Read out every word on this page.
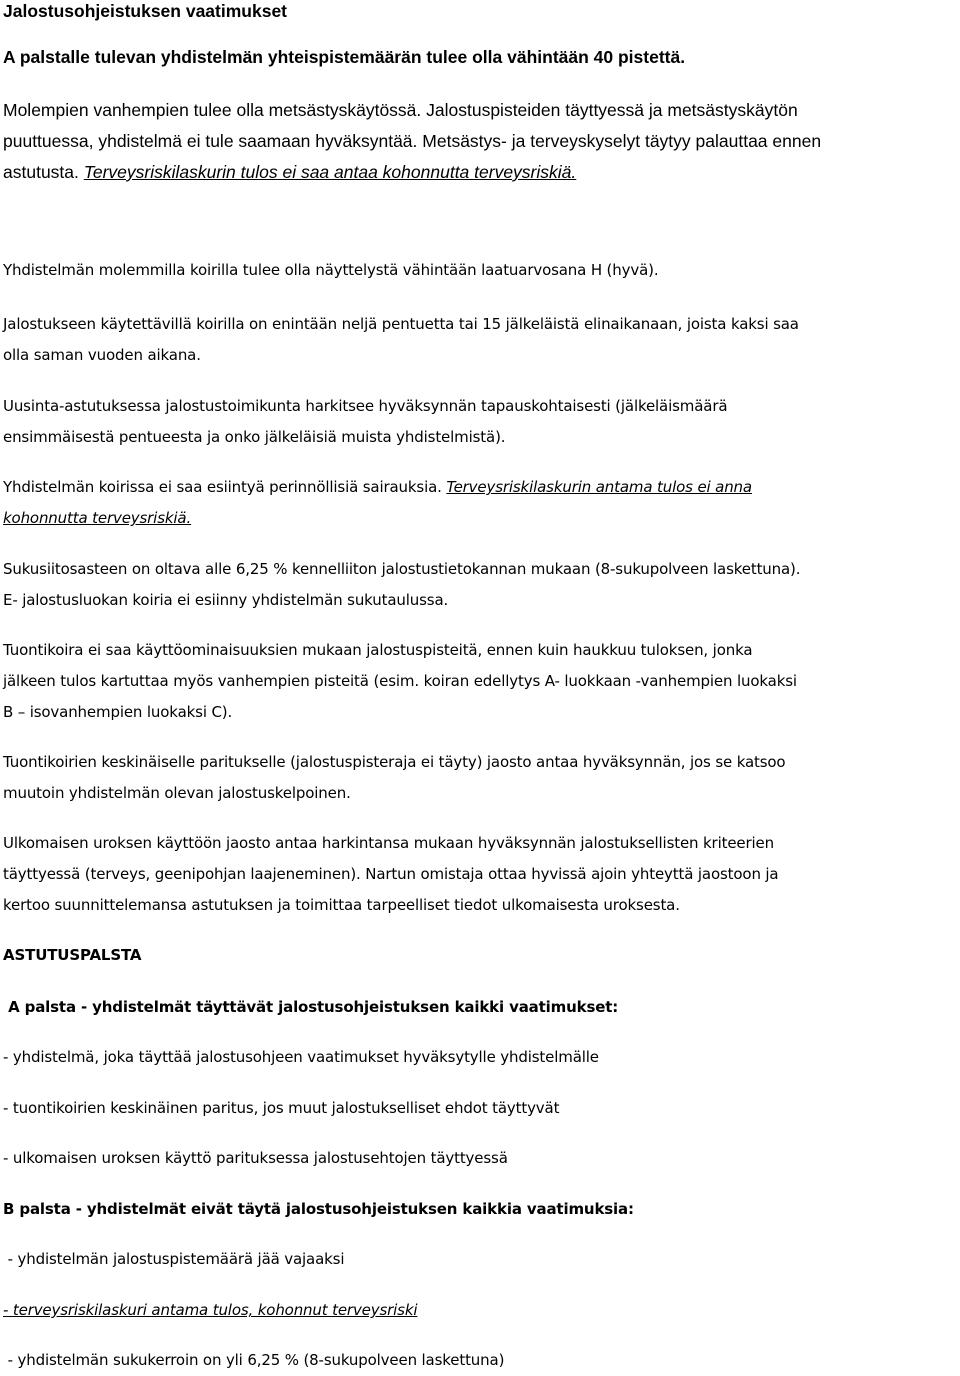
Jalostusohjeistuksen vaatimukset
A palstalle tulevan yhdistelmän yhteispistemäärän tulee olla vähintään 40 pistettä.
Molempien vanhempien tulee olla metsästyskäytössä. Jalostuspisteiden täyttyessä ja metsästyskäytön
puuttuessa, yhdistelmä ei tule saamaan hyväksyntää. Metsästys- ja terveyskyselyt täytyy palauttaa ennen
astutusta. Terveysriskilaskurin tulos ei saa antaa kohonnutta terveysriskiä.
Yhdistelmän molemmilla koirilla tulee olla näyttelystä vähintään laatuarvosana H (hyvä).
Jalostukseen käytettävillä koirilla on enintään neljä pentuetta tai 15 jälkeläistä elinaikanaan, joista kaksi saa
olla saman vuoden aikana.
Uusinta-astutuksessa jalostustoimikunta harkitsee hyväksynnän tapauskohtaisesti (jälkeläismäärä
ensimmäisestä pentueesta ja onko jälkeläisiä muista yhdistelmistä).
Yhdistelmän koirissa ei saa esiintyä perinnöllisiä sairauksia. Terveysriskilaskurin antama tulos ei anna
kohonnutta terveysriskiä.
Sukusiitosasteen on oltava alle 6,25 % kennelliiton jalostustietokannan mukaan (8-sukupolveen laskettuna).
E- jalostusluokan koiria ei esiinny yhdistelmän sukutaulussa.
Tuontikoira ei saa käyttöominaisuuksien mukaan jalostuspisteitä, ennen kuin haukkuu tuloksen, jonka
jälkeen tulos kartuttaa myös vanhempien pisteitä (esim. koiran edellytys A- luokkaan -vanhempien luokaksi
B – isovanhempien luokaksi C).
Tuontikoirien keskinäiselle paritukselle (jalostuspisteraja ei täyty) jaosto antaa hyväksynnän, jos se katsoo
muutoin yhdistelmän olevan jalostuskelpoinen.
Ulkomaisen uroksen käyttöön jaosto antaa harkintansa mukaan hyväksynnän jalostuksellisten kriteerien
täyttyessä (terveys, geenipohjan laajeneminen). Nartun omistaja ottaa hyvissä ajoin yhteyttä jaostoon ja
kertoo suunnittelemansa astutuksen ja toimittaa tarpeelliset tiedot ulkomaisesta uroksesta.
ASTUTUSPALSTA
A palsta - yhdistelmät täyttävät jalostusohjeistuksen kaikki vaatimukset:
- yhdistelmä, joka täyttää jalostusohjeen vaatimukset hyväksytylle yhdistelmälle
- tuontikoirien keskinäinen paritus, jos muut jalostukselliset ehdot täyttyvät
- ulkomaisen uroksen käyttö parituksessa jalostusehtojen täyttyessä
B palsta - yhdistelmät eivät täytä jalostusohjeistuksen kaikkia vaatimuksia:
- yhdistelmän jalostuspistemäärä jää vajaaksi
- terveysriskilaskuri antama tulos, kohonnut terveysriski
- yhdistelmän sukukerroin on yli 6,25 % (8-sukupolveen laskettuna)
